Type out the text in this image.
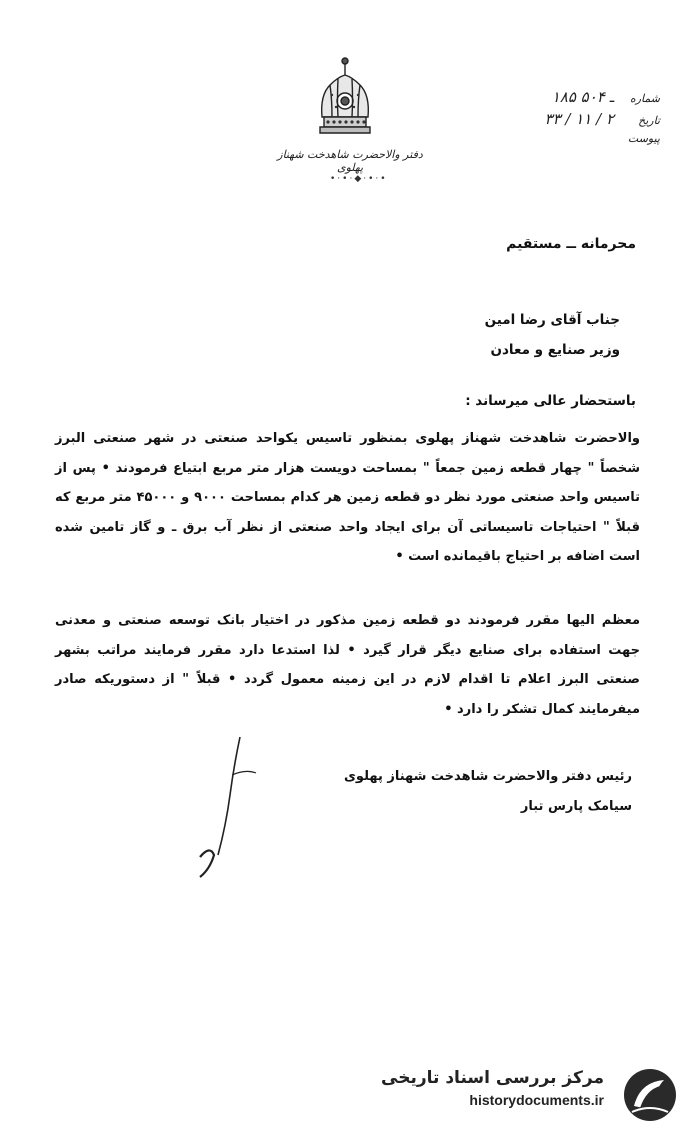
دفتر والاحضرت شاهدخت شهناز پهلوی
•·•·◆·•·•
شماره
۱۸۵ ـ ۵۰۴
تاریخ
۳۳ / ۱۱ / ۲
پیوست
محرمانه ــ مستقیم
جناب آقای رضا امین
وزیر صنایع و معادن
باستحضار عالی میرساند :
والاحضرت شاهدخت شهناز پهلوی بمنظور تاسیس یکواحد صنعتی در شهر صنعتی البرز شخصاً " چهار قطعه زمین جمعاً " بمساحت دویست هزار متر مربع ابتیاع فرمودند • پس از تاسیس واحد صنعتی مورد نظر دو قطعه زمین هر کدام بمساحت ۹۰۰۰ و ۴۵۰۰۰ متر مربع که قبلاً " احتیاجات تاسیساتی آن برای ایجاد واحد صنعتی از نظر آب برق ـ و گاز تامین شده است اضافه بر احتیاج باقیمانده است •
معظم الیها مقرر فرمودند دو قطعه زمین مذکور در اختیار بانک توسعه صنعتی و معدنی جهت استفاده برای صنایع دیگر قرار گیرد • لذا استدعا دارد مقرر فرمایند مراتب بشهر صنعتی البرز اعلام تا اقدام لازم در این زمینه معمول گردد • قبلاً " از دستوریکه صادر میفرمایند کمال تشکر را دارد •
رئیس دفتر والاحضرت شاهدخت شهناز پهلوی
سیامک پارس تبار
مرکز بررسی اسناد تاریخی
historydocuments.ir
